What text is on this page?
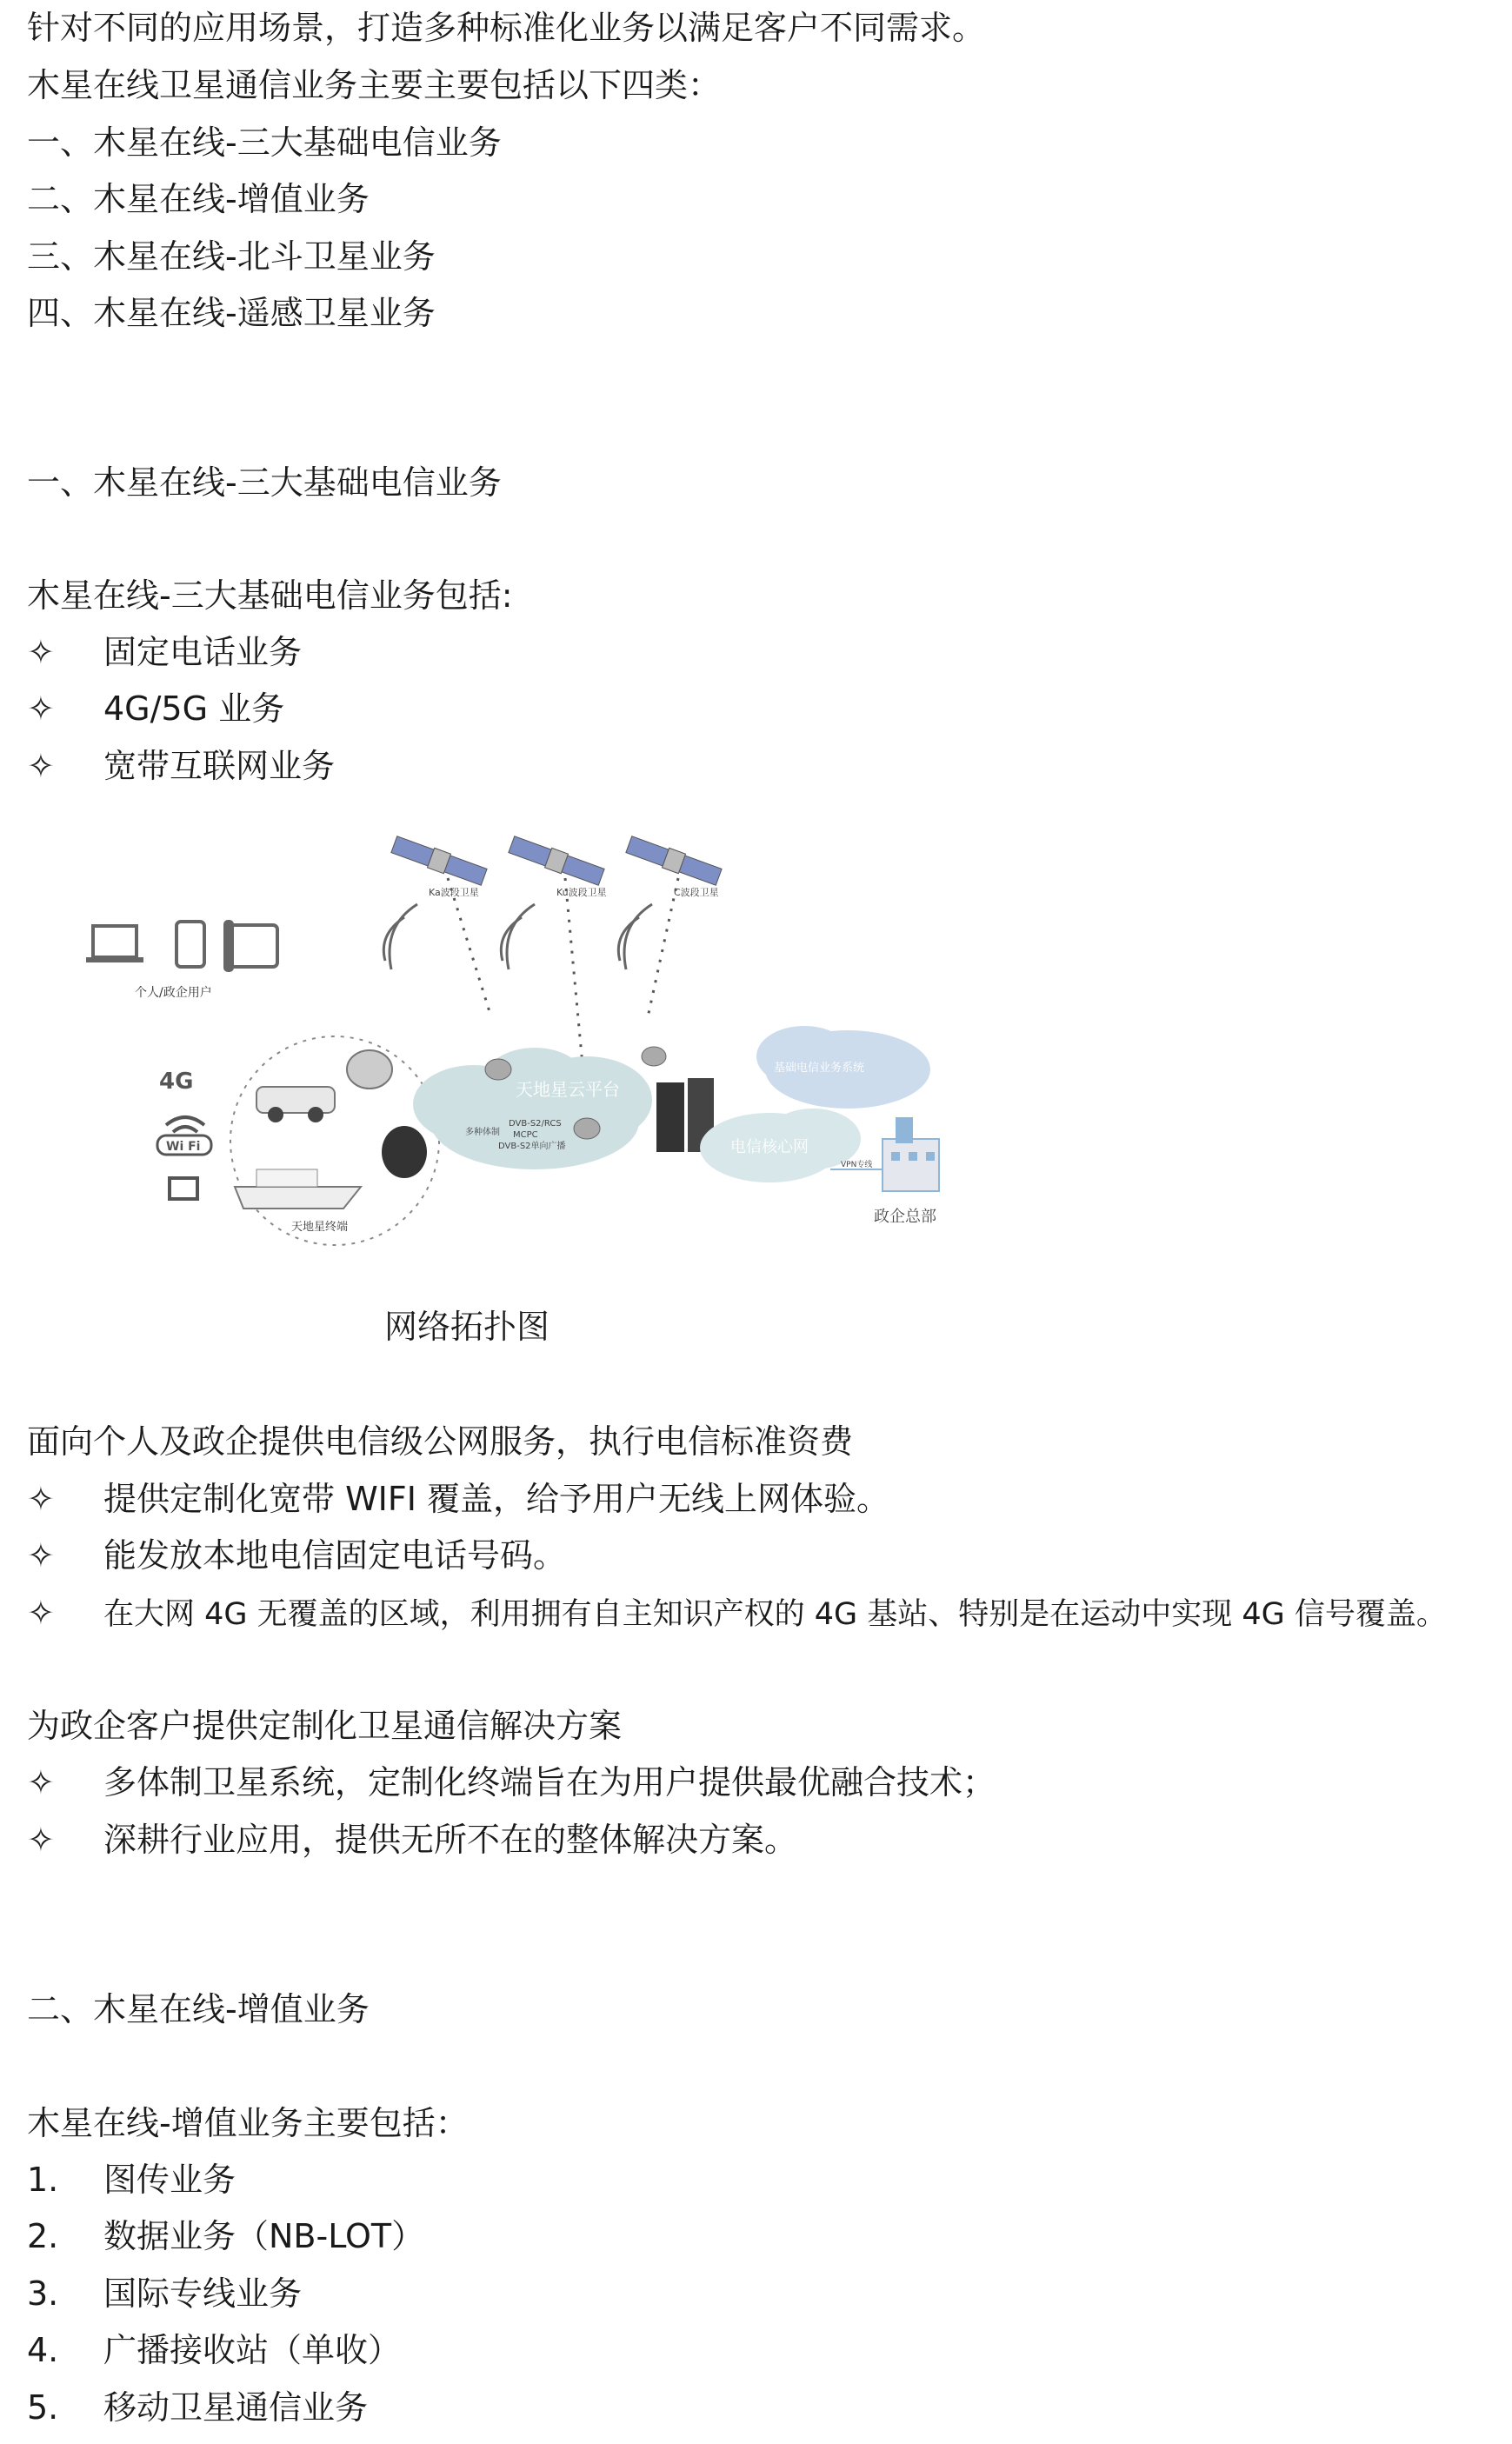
针对不同的应用场景，打造多种标准化业务以满足客户不同需求。
木星在线卫星通信业务主要主要包括以下四类：
一、木星在线-三大基础电信业务
二、木星在线-增值业务
三、木星在线-北斗卫星业务
四、木星在线-遥感卫星业务
一、木星在线-三大基础电信业务
木星在线-三大基础电信业务包括:
✧ 固定电话业务
✧ 4G/5G 业务
✧ 宽带互联网业务
Ka波段卫星	Ku波段卫星	C波段卫星
个人/政企用户
4G
Wi Fi
天地星终端
天地星云平台
多种体制
DVB-S2/RCS
MCPC
DVB-S2单向广播	电信核心网
基础电信业务系统
VPN专线
政企总部
网络拓扑图
面向个人及政企提供电信级公网服务，执行电信标准资费
✧ 提供定制化宽带 WIFI 覆盖，给予用户无线上网体验。
✧ 能发放本地电信固定电话号码。
✧ 在大网 4G 无覆盖的区域，利用拥有自主知识产权的 4G 基站、特别是在运动中实现 4G 信号覆盖。
为政企客户提供定制化卫星通信解决方案
✧ 多体制卫星系统，定制化终端旨在为用户提供最优融合技术；
✧ 深耕行业应用，提供无所不在的整体解决方案。
二、木星在线-增值业务
木星在线-增值业务主要包括：
1. 图传业务
2. 数据业务（NB-LOT）
3. 国际专线业务
4. 广播接收站（单收）
5. 移动卫星通信业务
